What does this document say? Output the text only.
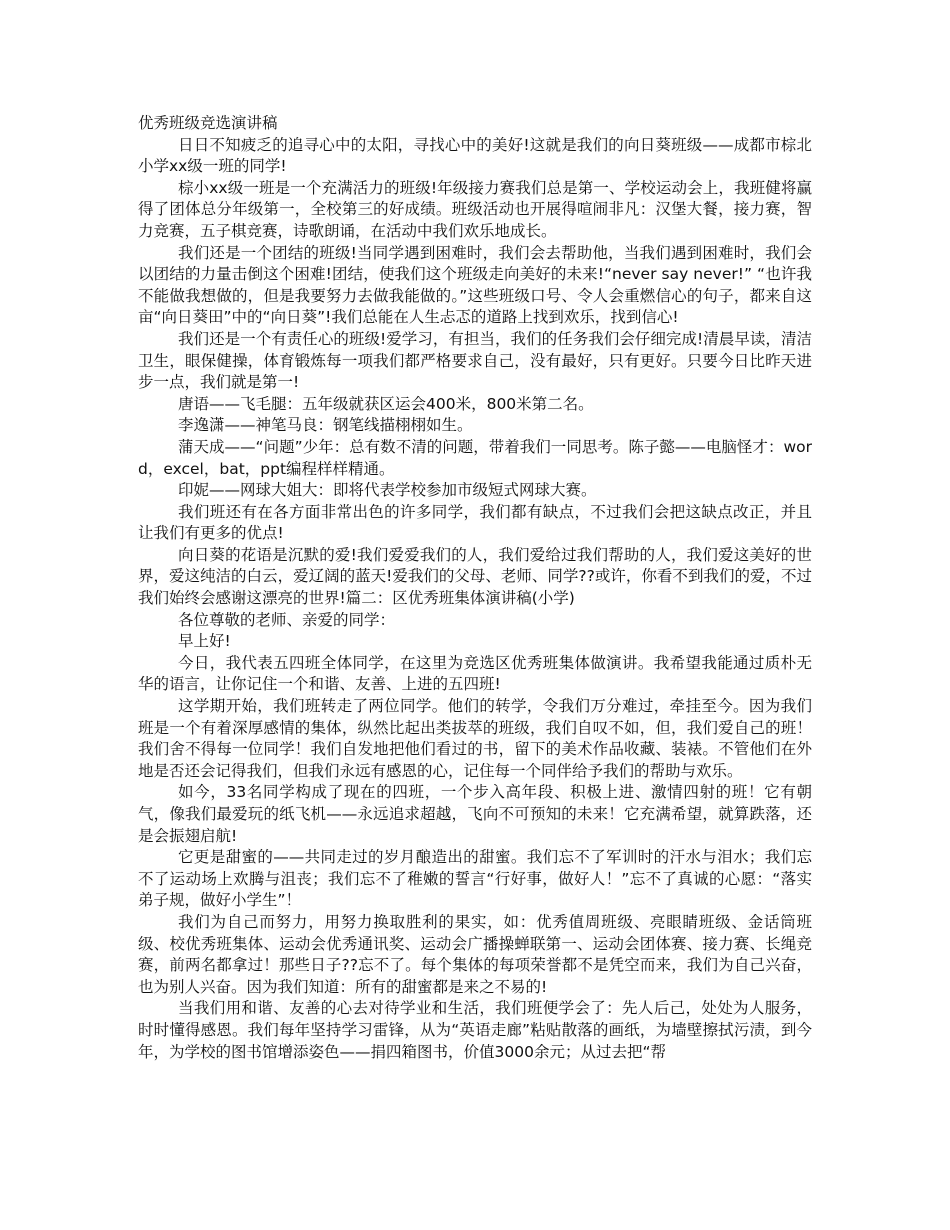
优秀班级竞选演讲稿

日日不知疲乏的追寻心中的太阳，寻找心中的美好!这就是我们的向日葵班级——成都市棕北小学xx级一班的同学!

棕小xx级一班是一个充满活力的班级!年级接力赛我们总是第一、学校运动会上，我班健将赢得了团体总分年级第一，全校第三的好成绩。班级活动也开展得喧闹非凡：汉堡大餐，接力赛，智力竞赛，五子棋竞赛，诗歌朗诵，在活动中我们欢乐地成长。

我们还是一个团结的班级!当同学遇到困难时，我们会去帮助他，当我们遇到困难时，我们会以团结的力量击倒这个困难!团结，使我们这个班级走向美好的未来!“never say never!” “也许我不能做我想做的，但是我要努力去做我能做的。”这些班级口号、令人会重燃信心的句子，都来自这亩“向日葵田”中的“向日葵”!我们总能在人生忐忑的道路上找到欢乐，找到信心!

我们还是一个有责任心的班级!爱学习，有担当，我们的任务我们会仔细完成!清晨早读，清洁卫生，眼保健操，体育锻炼每一项我们都严格要求自己，没有最好，只有更好。只要今日比昨天进步一点，我们就是第一!

唐语——飞毛腿：五年级就获区运会400米，800米第二名。

李逸潇——神笔马良：钢笔线描栩栩如生。

蒲天成——“问题”少年：总有数不清的问题，带着我们一同思考。陈子懿——电脑怪才：word，excel，bat，ppt编程样样精通。

印妮——网球大姐大：即将代表学校参加市级短式网球大赛。

我们班还有在各方面非常出色的许多同学，我们都有缺点，不过我们会把这缺点改正，并且让我们有更多的优点!

向日葵的花语是沉默的爱!我们爱爱我们的人，我们爱给过我们帮助的人，我们爱这美好的世界，爱这纯洁的白云，爱辽阔的蓝天!爱我们的父母、老师、同学??或许，你看不到我们的爱，不过我们始终会感谢这漂亮的世界!篇二：区优秀班集体演讲稿(小学)

各位尊敬的老师、亲爱的同学：

早上好!

今日，我代表五四班全体同学，在这里为竞选区优秀班集体做演讲。我希望我能通过质朴无华的语言，让你记住一个和谐、友善、上进的五四班!

这学期开始，我们班转走了两位同学。他们的转学，令我们万分难过，牵挂至今。因为我们班是一个有着深厚感情的集体，纵然比起出类拔萃的班级，我们自叹不如，但，我们爱自己的班！我们舍不得每一位同学！我们自发地把他们看过的书，留下的美术作品收藏、装裱。不管他们在外地是否还会记得我们，但我们永远有感恩的心，记住每一个同伴给予我们的帮助与欢乐。

如今，33名同学构成了现在的四班，一个步入高年段、积极上进、激情四射的班！它有朝气，像我们最爱玩的纸飞机——永远追求超越，飞向不可预知的未来！它充满希望，就算跌落，还是会振翅启航!

它更是甜蜜的——共同走过的岁月酿造出的甜蜜。我们忘不了军训时的汗水与泪水；我们忘不了运动场上欢腾与沮丧；我们忘不了稚嫩的誓言“行好事，做好人！”忘不了真诚的心愿：“落实弟子规，做好小学生”！

我们为自己而努力，用努力换取胜利的果实，如：优秀值周班级、亮眼睛班级、金话筒班级、校优秀班集体、运动会优秀通讯奖、运动会广播操蝉联第一、运动会团体赛、接力赛、长绳竞赛，前两名都拿过！那些日子??忘不了。每个集体的每项荣誉都不是凭空而来，我们为自己兴奋，也为别人兴奋。因为我们知道：所有的甜蜜都是来之不易的!

当我们用和谐、友善的心去对待学业和生活，我们班便学会了：先人后己，处处为人服务，时时懂得感恩。我们每年坚持学习雷锋，从为“英语走廊”粘贴散落的画纸，为墙壁擦拭污渍，到今年，为学校的图书馆增添姿色——捐四箱图书，价值3000余元；从过去把“帮
